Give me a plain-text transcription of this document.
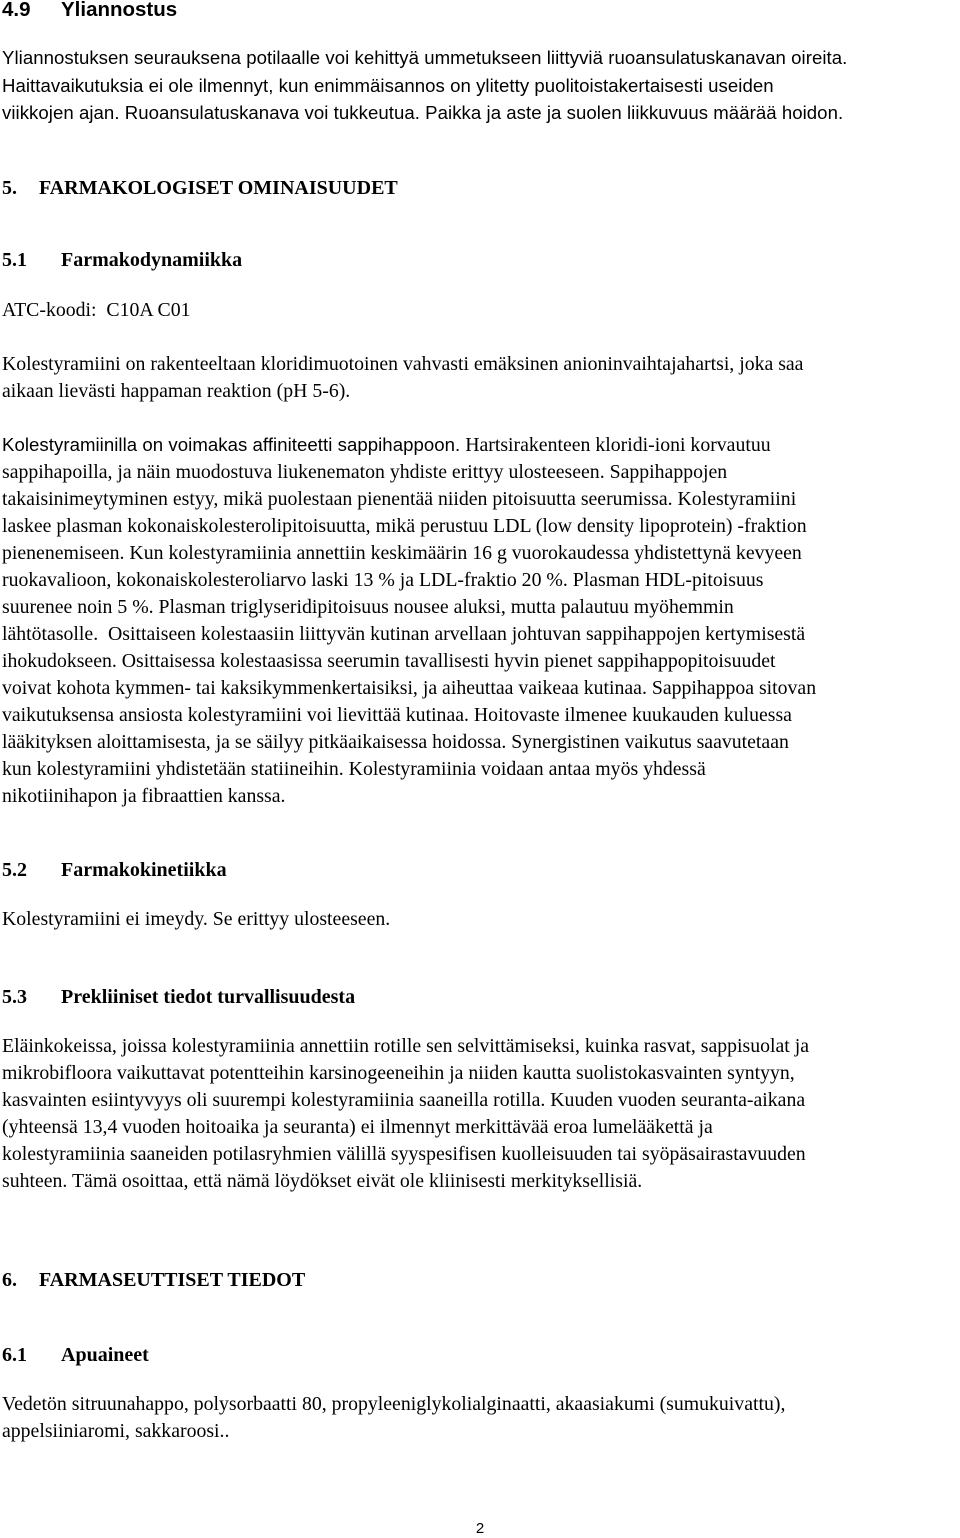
4.9 Yliannostus
Yliannostuksen seurauksena potilaalle voi kehittyä ummetukseen liittyviä ruoansulatuskanavan oireita.
Haittavaikutuksia ei ole ilmennyt, kun enimmäisannos on ylitetty puolitoistakertaisesti useiden
viikkojen ajan. Ruoansulatuskanava voi tukkeutua. Paikka ja aste ja suolen liikkuvuus määrää hoidon.
5. FARMAKOLOGISET OMINAISUUDET
5.1 Farmakodynamiikka
ATC-koodi:  C10A C01
Kolestyramiini on rakenteeltaan kloridimuotoinen vahvasti emäksinen anioninvaihtajahartsi, joka saa
aikaan lievästi happaman reaktion (pH 5-6).
Kolestyramiinilla on voimakas affiniteetti sappihappoon. Hartsirakenteen kloridi-ioni korvautuu
sappihapoilla, ja näin muodostuva liukenematon yhdiste erittyy ulosteeseen. Sappihappojen
takaisinimeytyminen estyy, mikä puolestaan pienentää niiden pitoisuutta seerumissa. Kolestyramiini
laskee plasman kokonaiskolesterolipitoisuutta, mikä perustuu LDL (low density lipoprotein) -fraktion
pienenemiseen. Kun kolestyramiinia annettiin keskimäärin 16 g vuorokaudessa yhdistettynä kevyeen
ruokavalioon, kokonaiskolesteroliarvo laski 13 % ja LDL-fraktio 20 %. Plasman HDL-pitoisuus
suurenee noin 5 %. Plasman triglyseridipitoisuus nousee aluksi, mutta palautuu myöhemmin
lähtötasolle.  Osittaiseen kolestaasiin liittyvän kutinan arvellaan johtuvan sappihappojen kertymisestä
ihokudokseen. Osittaisessa kolestaasissa seerumin tavallisesti hyvin pienet sappihappopitoisuudet
voivat kohota kymmen- tai kaksikymmenkertaisiksi, ja aiheuttaa vaikeaa kutinaa. Sappihappoa sitovan
vaikutuksensa ansiosta kolestyramiini voi lievittää kutinaa. Hoitovaste ilmenee kuukauden kuluessa
lääkityksen aloittamisesta, ja se säilyy pitkäaikaisessa hoidossa. Synergistinen vaikutus saavutetaan
kun kolestyramiini yhdistetään statiineihin. Kolestyramiinia voidaan antaa myös yhdessä
nikotiinihapon ja fibraattien kanssa.
5.2 Farmakokinetiikka
Kolestyramiini ei imeydy. Se erittyy ulosteeseen.
5.3 Prekliiniset tiedot turvallisuudesta
Eläinkokeissa, joissa kolestyramiinia annettiin rotille sen selvittämiseksi, kuinka rasvat, sappisuolat ja
mikrobifloora vaikuttavat potentteihin karsinogeeneihin ja niiden kautta suolistokasvainten syntyyn,
kasvainten esiintyvyys oli suurempi kolestyramiinia saaneilla rotilla. Kuuden vuoden seuranta-aikana
(yhteensä 13,4 vuoden hoitoaika ja seuranta) ei ilmennyt merkittävää eroa lumelääkettä ja
kolestyramiinia saaneiden potilasryhmien välillä syyspesifisen kuolleisuuden tai syöpäsairastavuuden
suhteen. Tämä osoittaa, että nämä löydökset eivät ole kliinisesti merkityksellisiä.
6. FARMASEUTTISET TIEDOT
6.1 Apuaineet
Vedetön sitruunahappo, polysorbaatti 80, propyleeniglykolialginaatti, akaasiakumi (sumukuivattu),
appelsiiniaromi, sakkaroosi..
2
